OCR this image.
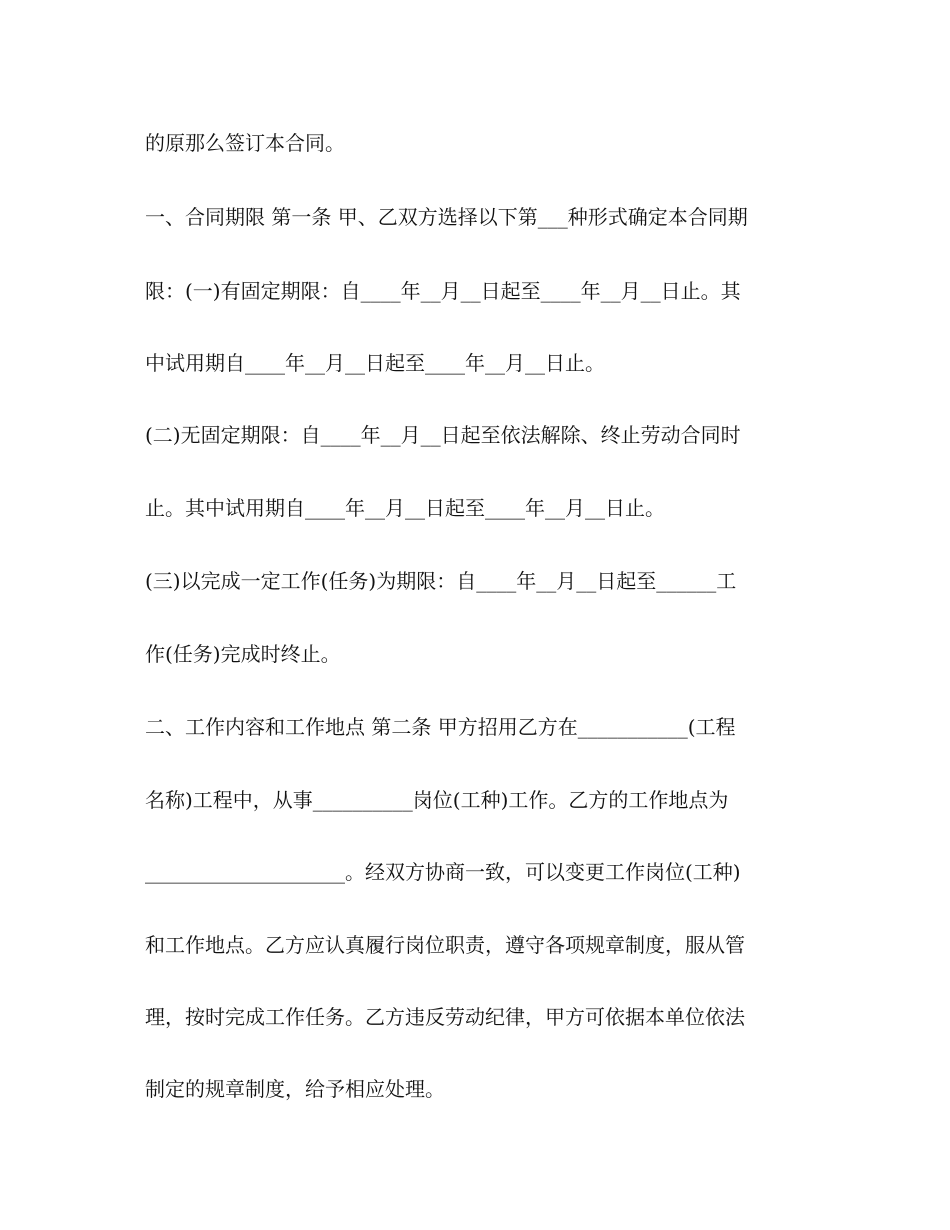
的原那么签订本合同。
一、合同期限 第一条 甲、乙双方选择以下第___种形式确定本合同期
限：(一)有固定期限：自____年__月__日起至____年__月__日止。其
中试用期自____年__月__日起至____年__月__日止。
(二)无固定期限：自____年__月__日起至依法解除、终止劳动合同时
止。其中试用期自____年__月__日起至____年__月__日止。
(三)以完成一定工作(任务)为期限：自____年__月__日起至______工
作(任务)完成时终止。
二、工作内容和工作地点 第二条 甲方招用乙方在___________(工程
名称)工程中，从事__________岗位(工种)工作。乙方的工作地点为
____________________。经双方协商一致，可以变更工作岗位(工种)
和工作地点。乙方应认真履行岗位职责，遵守各项规章制度，服从管
理，按时完成工作任务。乙方违反劳动纪律，甲方可依据本单位依法
制定的规章制度，给予相应处理。
